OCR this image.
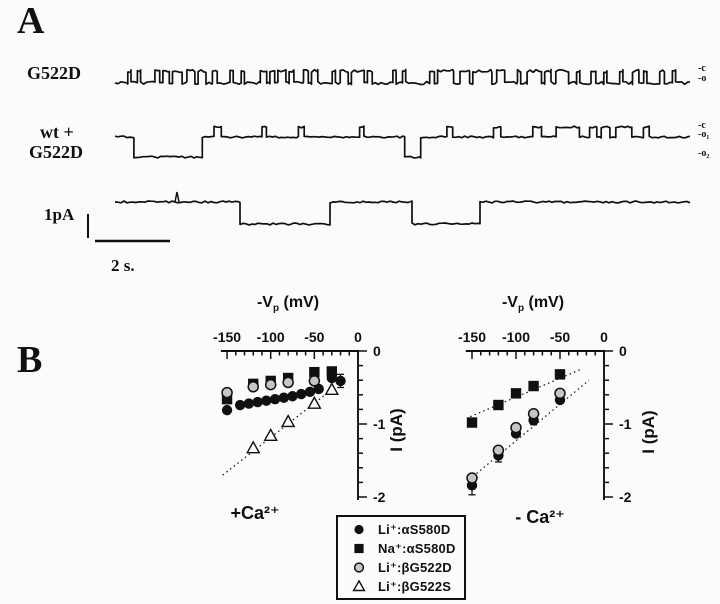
-150 -100 -50 0
0
-1
-2
-150 -100 -50 0
0
-1
-2
A
B
G522D
wt +
G522D
1pA
2 s.
$-V_p$ (mV)	$-V_p$ (mV)
I (pA)	I (pA)
+Ca²⁺	- Ca²⁺
Li⁺:αS580D
Na⁺:αS580D
Li⁺:βG522D
Li⁺:βG522S
-c
-o
-c
-o₁
-o₂
